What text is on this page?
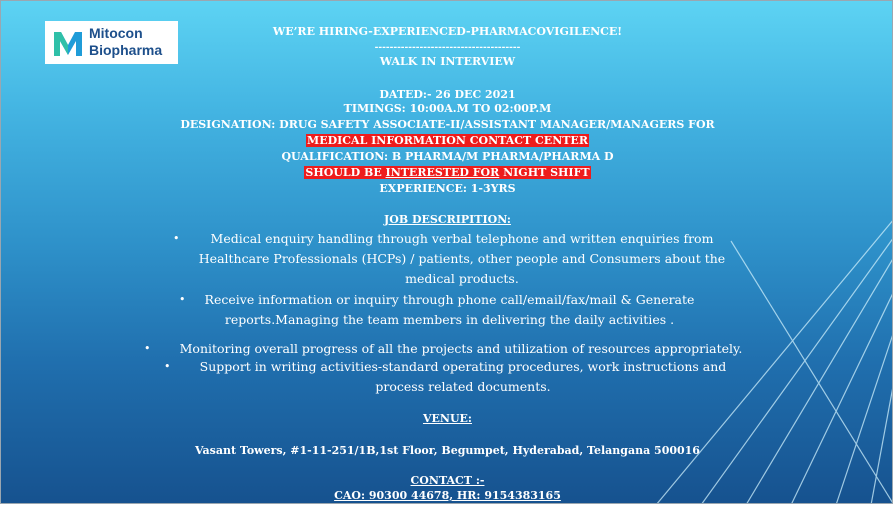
Mitocon
Biopharma
WE’RE HIRING-EXPERIENCED-PHARMACOVIGILENCE!
---------------------------------------
WALK IN INTERVIEW
DATED:- 26 DEC 2021
TIMINGS: 10:00A.M TO 02:00P.M
DESIGNATION: DRUG SAFETY ASSOCIATE-II/ASSISTANT MANAGER/MANAGERS FOR
MEDICAL INFORMATION CONTACT CENTER
QUALIFICATION: B PHARMA/M PHARMA/PHARMA D
SHOULD BE INTERESTED FOR NIGHT SHIFT
EXPERIENCE: 1-3YRS
JOB DESCRIPITION:
•	Medical enquiry handling through verbal telephone and written enquiries from Healthcare Professionals (HCPs) / patients, other people and Consumers about the medical products.
•	Receive information or inquiry through phone call/email/fax/mail & Generate reports.Managing the team members in delivering the daily activities .
•	Monitoring overall progress of all the projects and utilization of resources appropriately.
•	Support in writing activities-standard operating procedures, work instructions and process related documents.
VENUE:
Vasant Towers, #1-11-251/1B,1st Floor, Begumpet, Hyderabad, Telangana 500016
CONTACT :-
CAO: 90300 44678, HR: 9154383165
